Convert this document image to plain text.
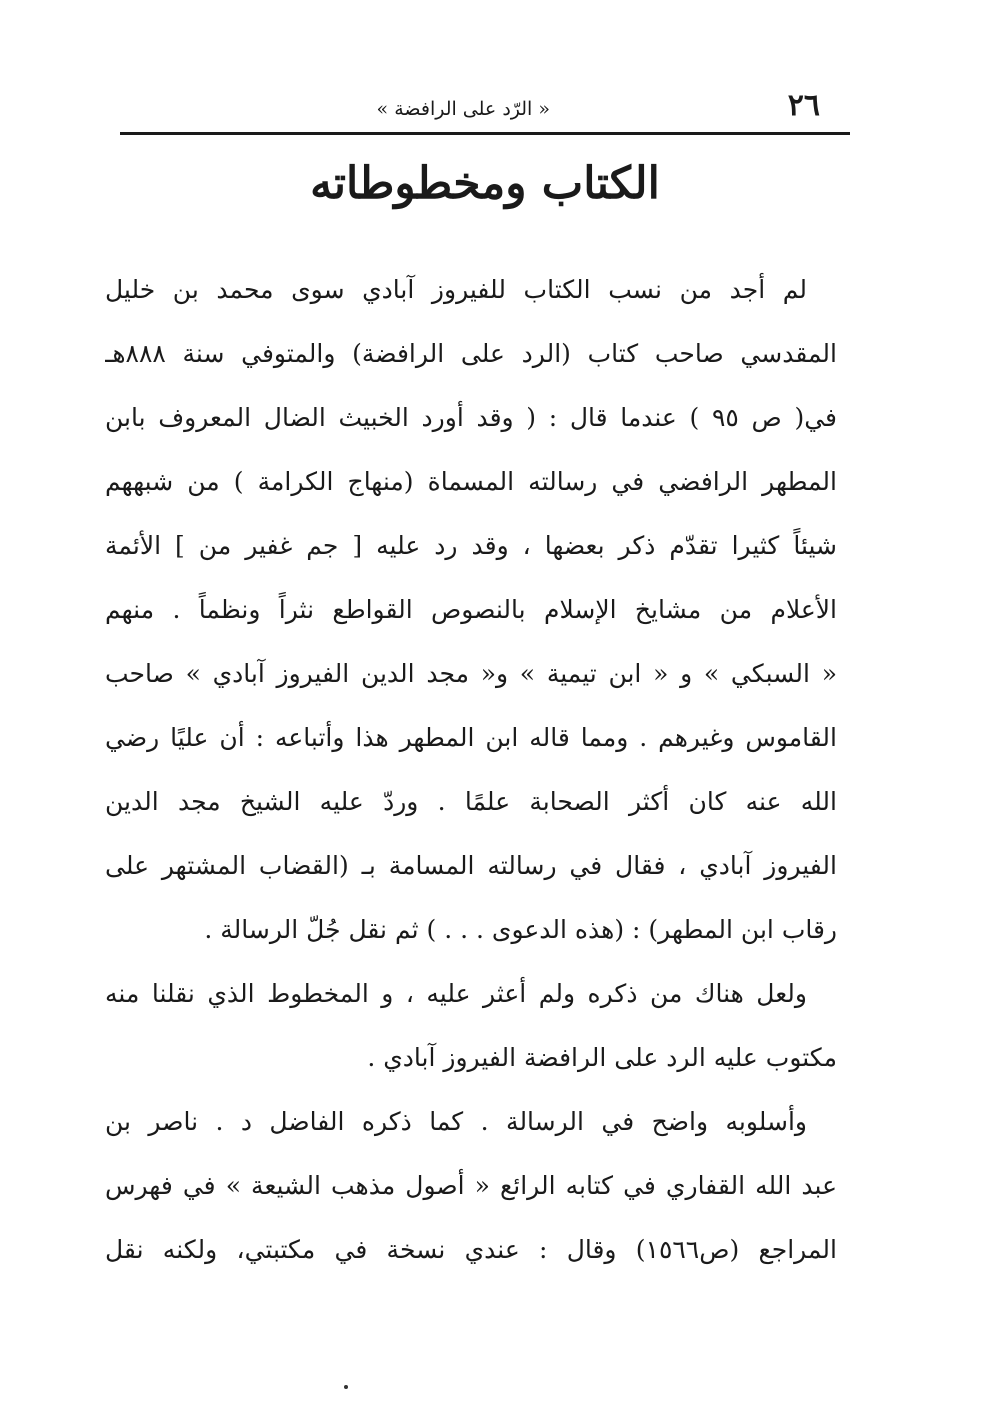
« الرّد على الرافضة »	٢٦
الكتاب ومخطوطاته
لم أجد من نسب الكتاب للفيروز آبادي سوى محمد بن خليل
المقدسي صاحب كتاب (الرد على الرافضة) والمتوفي سنة ٨٨٨هـ
في( ص ٩٥ ) عندما قال : ( وقد أورد الخبيث الضال المعروف بابن
المطهر الرافضي في رسالته المسماة (منهاج الكرامة ) من شبههم
شيئاً كثيرا تقدّم ذكر بعضها ، وقد رد عليه [ جم غفير من ] الأئمة
الأعلام من مشايخ الإسلام بالنصوص القواطع نثراً ونظماً . منهم
« السبكي » و « ابن تيمية » و« مجد الدين الفيروز آبادي » صاحب
القاموس وغيرهم . ومما قاله ابن المطهر هذا وأتباعه : أن عليًا رضي
الله عنه كان أكثر الصحابة علمًا . وردّ عليه الشيخ مجد الدين
الفيروز آبادي ، فقال في رسالته المسامة بـ (القضاب المشتهر على
رقاب ابن المطهر) : (هذه الدعوى . . . ) ثم نقل جُلّ الرسالة .
ولعل هناك من ذكره ولم أعثر عليه ، و المخطوط الذي نقلنا منه
مكتوب عليه الرد على الرافضة الفيروز آبادي .
وأسلوبه واضح في الرسالة . كما ذكره الفاضل د . ناصر بن
عبد الله القفاري في كتابه الرائع « أصول مذهب الشيعة » في فهرس
المراجع (ص١٥٦٦) وقال : عندي نسخة في مكتبتي، ولكنه نقل
